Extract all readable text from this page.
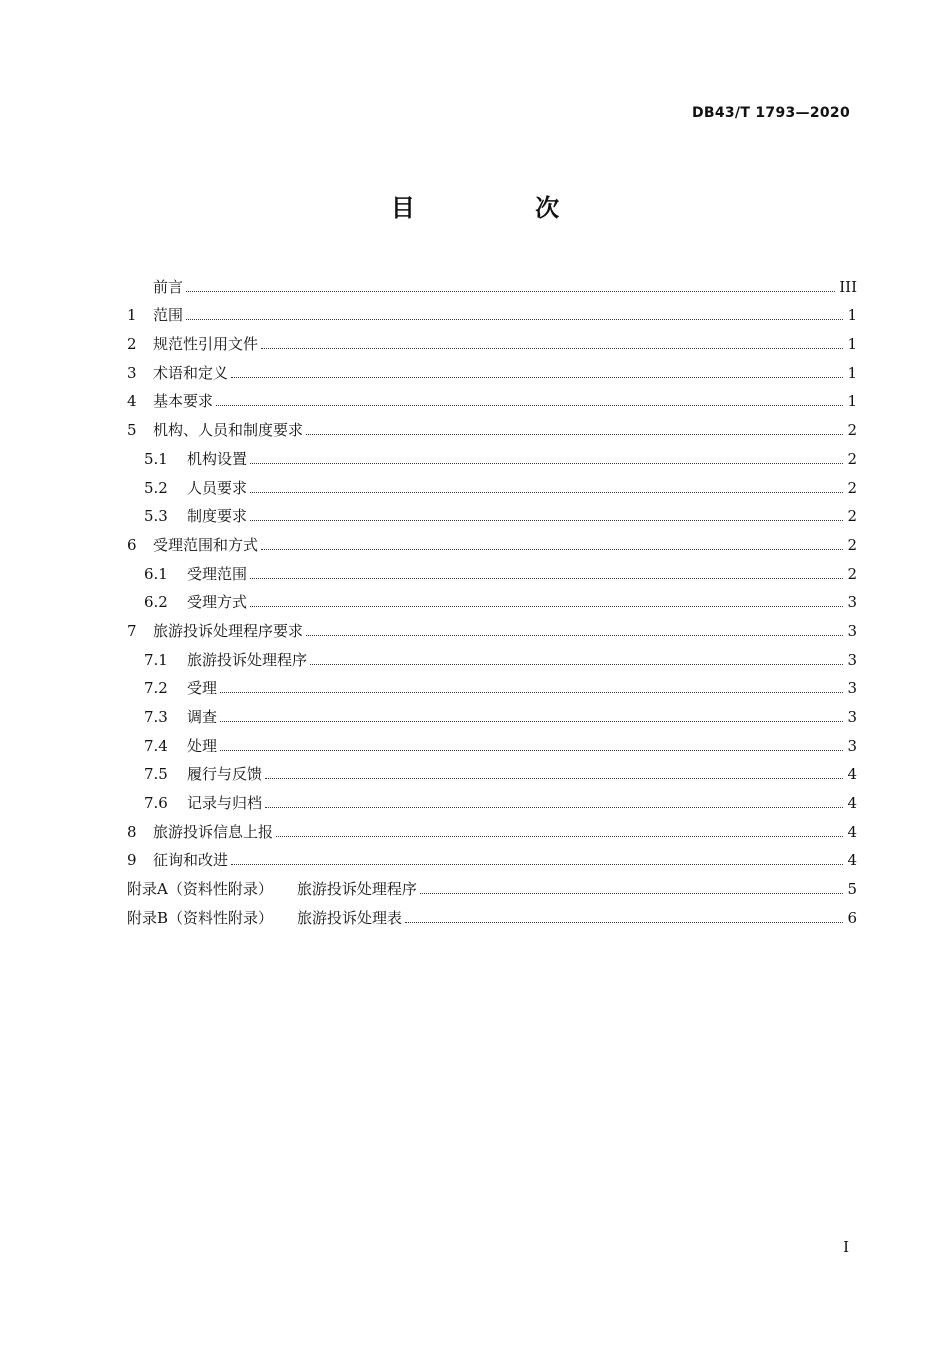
DB43/T 1793—2020
目 次
前言	III
1	范围	1
2	规范性引用文件	1
3	术语和定义	1
4	基本要求	1
5	机构、人员和制度要求	2
5.1	机构设置	2
5.2	人员要求	2
5.3	制度要求	2
6	受理范围和方式	2
6.1	受理范围	2
6.2	受理方式	3
7	旅游投诉处理程序要求	3
7.1	旅游投诉处理程序	3
7.2	受理	3
7.3	调查	3
7.4	处理	3
7.5	履行与反馈	4
7.6	记录与归档	4
8	旅游投诉信息上报	4
9	征询和改进	4
附录A（资料性附录） 旅游投诉处理程序	5
附录B（资料性附录） 旅游投诉处理表	6
I
